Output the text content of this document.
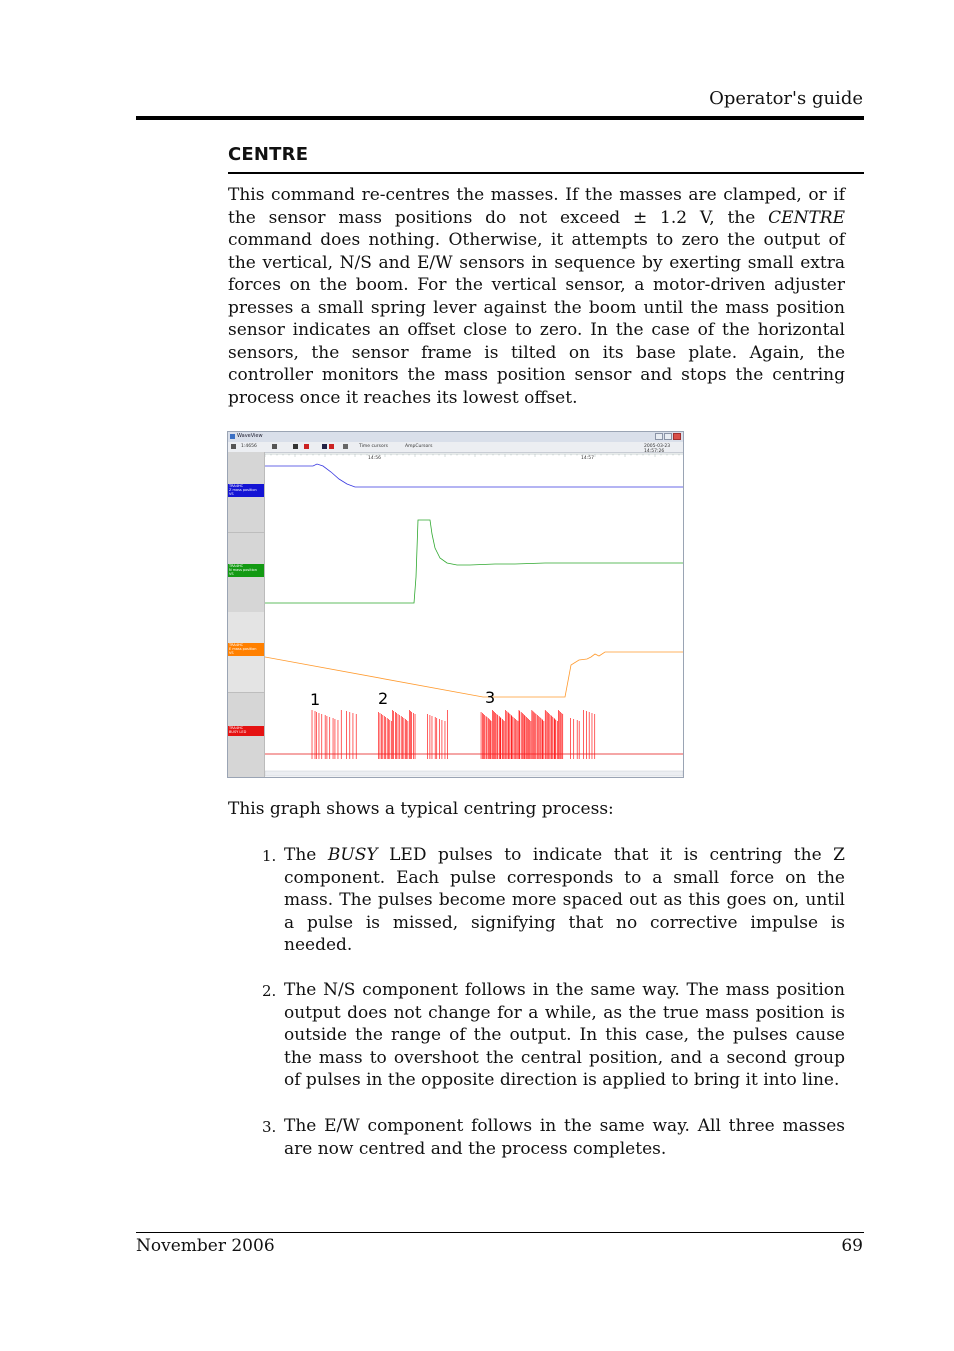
Operator's guide
CENTRE
This command re-centres the masses. If the masses are clamped, or if the sensor mass positions do not exceed ± 1.2 V, the CENTRE command does nothing. Otherwise, it attempts to zero the output of the vertical, N/S and E/W sensors in sequence by exerting small extra forces on the boom. For the vertical sensor, a motor-driven adjuster presses a small spring lever against the boom until the mass position sensor indicates an offset close to zero. In the case of the horizontal sensors, the sensor frame is tilted on its base plate. Again, the controller monitors the mass position sensor and stops the centring process once it reaches its lowest offset.
WaveView
1:4656	Time cursors	AmpCursors	2005-03-23 14:57:26
TRA4HC
Z mass position
VS
TRA4HC
N mass position
VS
TRA4HC
E mass position
VS
TRA4HC
BUSY LED
14:56	14:57
1	2	3
This graph shows a typical centring process:
1. The BUSY LED pulses to indicate that it is centring the Z component. Each pulse corresponds to a small force on the mass. The pulses become more spaced out as this goes on, until a pulse is missed, signifying that no corrective impulse is needed.
2. The N/S component follows in the same way. The mass position output does not change for a while, as the true mass position is outside the range of the output. In this case, the pulses cause the mass to overshoot the central position, and a second group of pulses in the opposite direction is applied to bring it into line.
3. The E/W component follows in the same way. All three masses are now centred and the process completes.
November 2006	69
